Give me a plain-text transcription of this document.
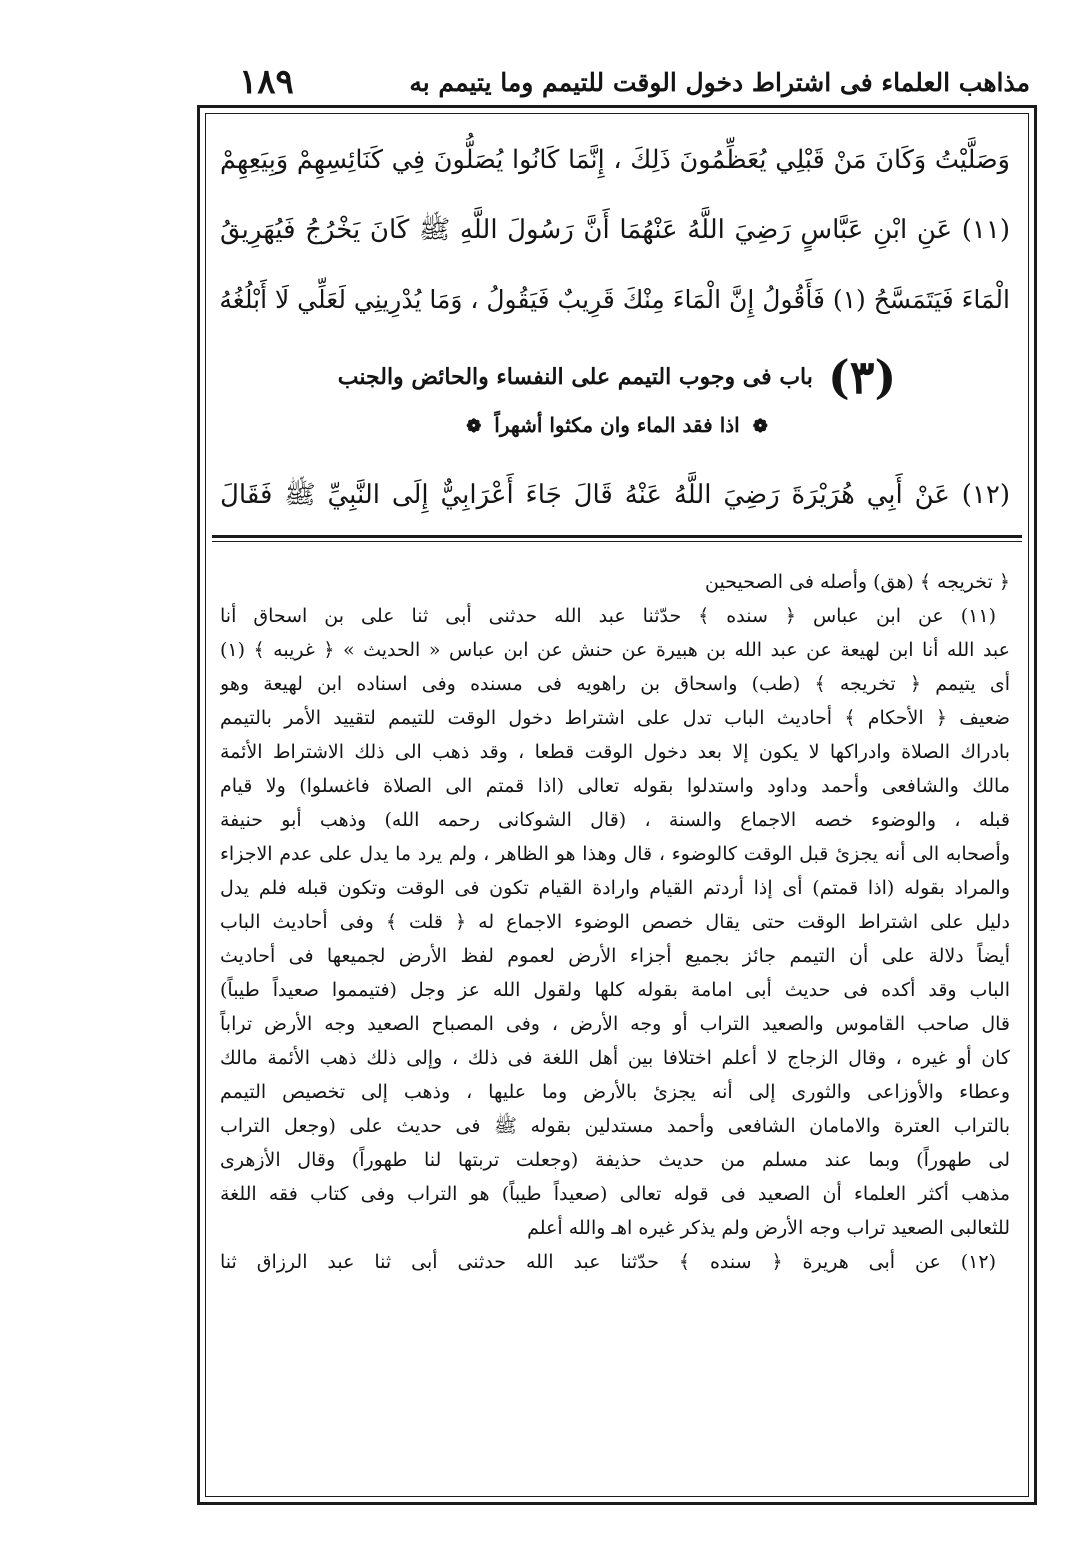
مذاهب العلماء فى اشتراط دخول الوقت للتيمم وما يتيمم به
١٨٩
وَصَلَّيْتُ وَكَانَ مَنْ قَبْلِي يُعَظِّمُونَ ذَلِكَ ، إِنَّمَا كَانُوا يُصَلُّونَ فِي كَنَائِسِهِمْ وَبِيَعِهِمْ
(١١) عَنِ ابْنِ عَبَّاسٍ رَضِيَ اللَّهُ عَنْهُمَا أَنَّ رَسُولَ اللَّهِ ﷺ كَانَ يَخْرُجُ فَيُهَرِيقُ
الْمَاءَ فَيَتَمَسَّحُ (١) فَأَقُولُ إِنَّ الْمَاءَ مِنْكَ قَرِيبٌ فَيَقُولُ ، وَمَا يُدْرِينِي لَعَلِّي لَا أَبْلُغُهُ
(٣) باب فى وجوب التيمم على النفساء والحائض والجنب
❁ اذا فقد الماء وان مكثوا أشهراً ❁
(١٢) عَنْ أَبِي هُرَيْرَةَ رَضِيَ اللَّهُ عَنْهُ قَالَ جَاءَ أَعْرَابِيٌّ إِلَى النَّبِيِّ ﷺ فَقَالَ
﴿ تخريجه ﴾ (هق) وأصله فى الصحيحين
(١١) عن ابن عباس ﴿ سنده ﴾ حدّثنا عبد الله حدثنى أبى ثنا على بن اسحاق أنا
عبد الله أنا ابن لهيعة عن عبد الله بن هبيرة عن حنش عن ابن عباس « الحديث » ﴿ غريبه ﴾ (١)
أى يتيمم ﴿ تخريجه ﴾ (طب) واسحاق بن راهويه فى مسنده وفى اسناده ابن لهيعة وهو
ضعيف ﴿ الأحكام ﴾ أحاديث الباب تدل على اشتراط دخول الوقت للتيمم لتقييد الأمر بالتيمم
بادراك الصلاة وادراكها لا يكون إلا بعد دخول الوقت قطعا ، وقد ذهب الى ذلك الاشتراط الأئمة
مالك والشافعى وأحمد وداود واستدلوا بقوله تعالى (اذا قمتم الى الصلاة فاغسلوا) ولا قيام
قبله ، والوضوء خصه الاجماع والسنة ، (قال الشوكانى رحمه الله) وذهب أبو حنيفة
وأصحابه الى أنه يجزئ قبل الوقت كالوضوء ، قال وهذا هو الظاهر ، ولم يرد ما يدل على عدم الاجزاء
والمراد بقوله (اذا قمتم) أى إذا أردتم القيام وارادة القيام تكون فى الوقت وتكون قبله فلم يدل
دليل على اشتراط الوقت حتى يقال خصص الوضوء الاجماع له ﴿ قلت ﴾ وفى أحاديث الباب
أيضاً دلالة على أن التيمم جائز بجميع أجزاء الأرض لعموم لفظ الأرض لجميعها فى أحاديث
الباب وقد أكده فى حديث أبى امامة بقوله كلها ولقول الله عز وجل (فتيمموا صعيداً طيباً)
قال صاحب القاموس والصعيد التراب أو وجه الأرض ، وفى المصباح الصعيد وجه الأرض تراباً
كان أو غيره ، وقال الزجاج لا أعلم اختلافا بين أهل اللغة فى ذلك ، وإلى ذلك ذهب الأئمة مالك
وعطاء والأوزاعى والثورى إلى أنه يجزئ بالأرض وما عليها ، وذهب إلى تخصيص التيمم
بالتراب العترة والامامان الشافعى وأحمد مستدلين بقوله ﷺ فى حديث على (وجعل التراب
لى طهوراً) وبما عند مسلم من حديث حذيفة (وجعلت تربتها لنا طهوراً) وقال الأزهرى
مذهب أكثر العلماء أن الصعيد فى قوله تعالى (صعيداً طيباً) هو التراب وفى كتاب فقه اللغة
للثعالبى الصعيد تراب وجه الأرض ولم يذكر غيره اهـ والله أعلم
(١٢) عن أبى هريرة ﴿ سنده ﴾ حدّثنا عبد الله حدثنى أبى ثنا عبد الرزاق ثنا
